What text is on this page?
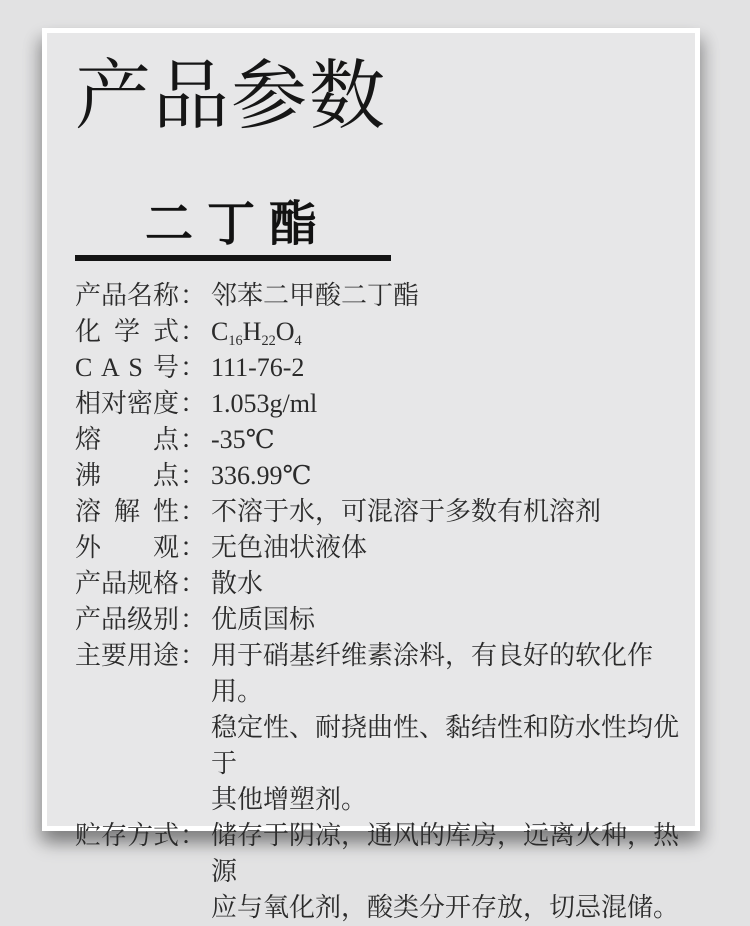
产品参数
二丁酯
产品名称 ： 邻苯二甲酸二丁酯
化 学 式 ： $C_{16}H_{22}O_4$
C A S 号 ： 111-76-2
相对密度 ： 1.053g/ml
熔 点 ： -35℃
沸 点 ： 336.99℃
溶 解 性 ： 不溶于水，可混溶于多数有机溶剂
外 观 ： 无色油状液体
产品规格 ： 散水
产品级别 ： 优质国标
主要用途 ： 用于硝基纤维素涂料，有良好的软化作用。
稳定性、耐挠曲性、黏结性和防水性均优于
其他增塑剂。
贮存方式 ： 储存于阴凉，通风的库房，远离火种，热源
应与氧化剂，酸类分开存放，切忌混储。
